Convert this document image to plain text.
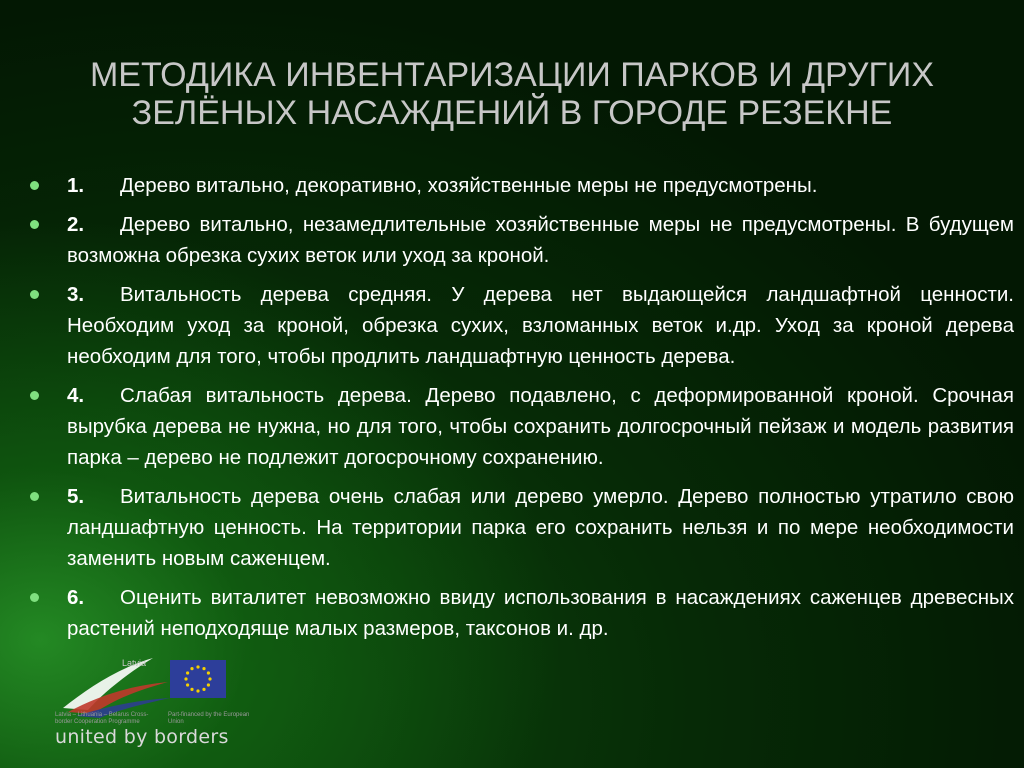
МЕТОДИКА ИНВЕНТАРИЗАЦИИ ПАРКОВ И ДРУГИХ
ЗЕЛЁНЫХ НАСАЖДЕНИЙ В ГОРОДЕ РЕЗЕКНЕ
1. Дерево витально, декоративно, хозяйственные меры не предусмотрены.
2. Дерево витально, незамедлительные хозяйственные меры не предусмотрены. В будущем возможна обрезка сухих веток или уход за кроной.
3. Витальность дерева средняя. У дерева нет выдающейся ландшафтной ценности. Необходим уход за кроной, обрезка сухих, взломанных веток и.др. Уход за кроной дерева необходим для того, чтобы продлить ландшафтную ценность дерева.
4. Слабая витальность дерева. Дерево подавлено, с деформированной кроной. Срочная вырубка дерева не нужна, но для того, чтобы сохранить долгосрочный пейзаж и модель развития парка – дерево не подлежит догосрочному сохранению.
5. Витальность дерева очень слабая или дерево умерло. Дерево полностью утратило свою ландшафтную ценность. На территории парка его сохранить нельзя и по мере необходимости заменить новым саженцем.
6. Оценить виталитет невозможно ввиду использования в насаждениях саженцев древесных растений неподходяще малых размеров, таксонов и. др.
Latvia
Latvia – Lithuania – Belarus Cross-border Cooperation Programme
Part-financed by the European Union
united by borders
